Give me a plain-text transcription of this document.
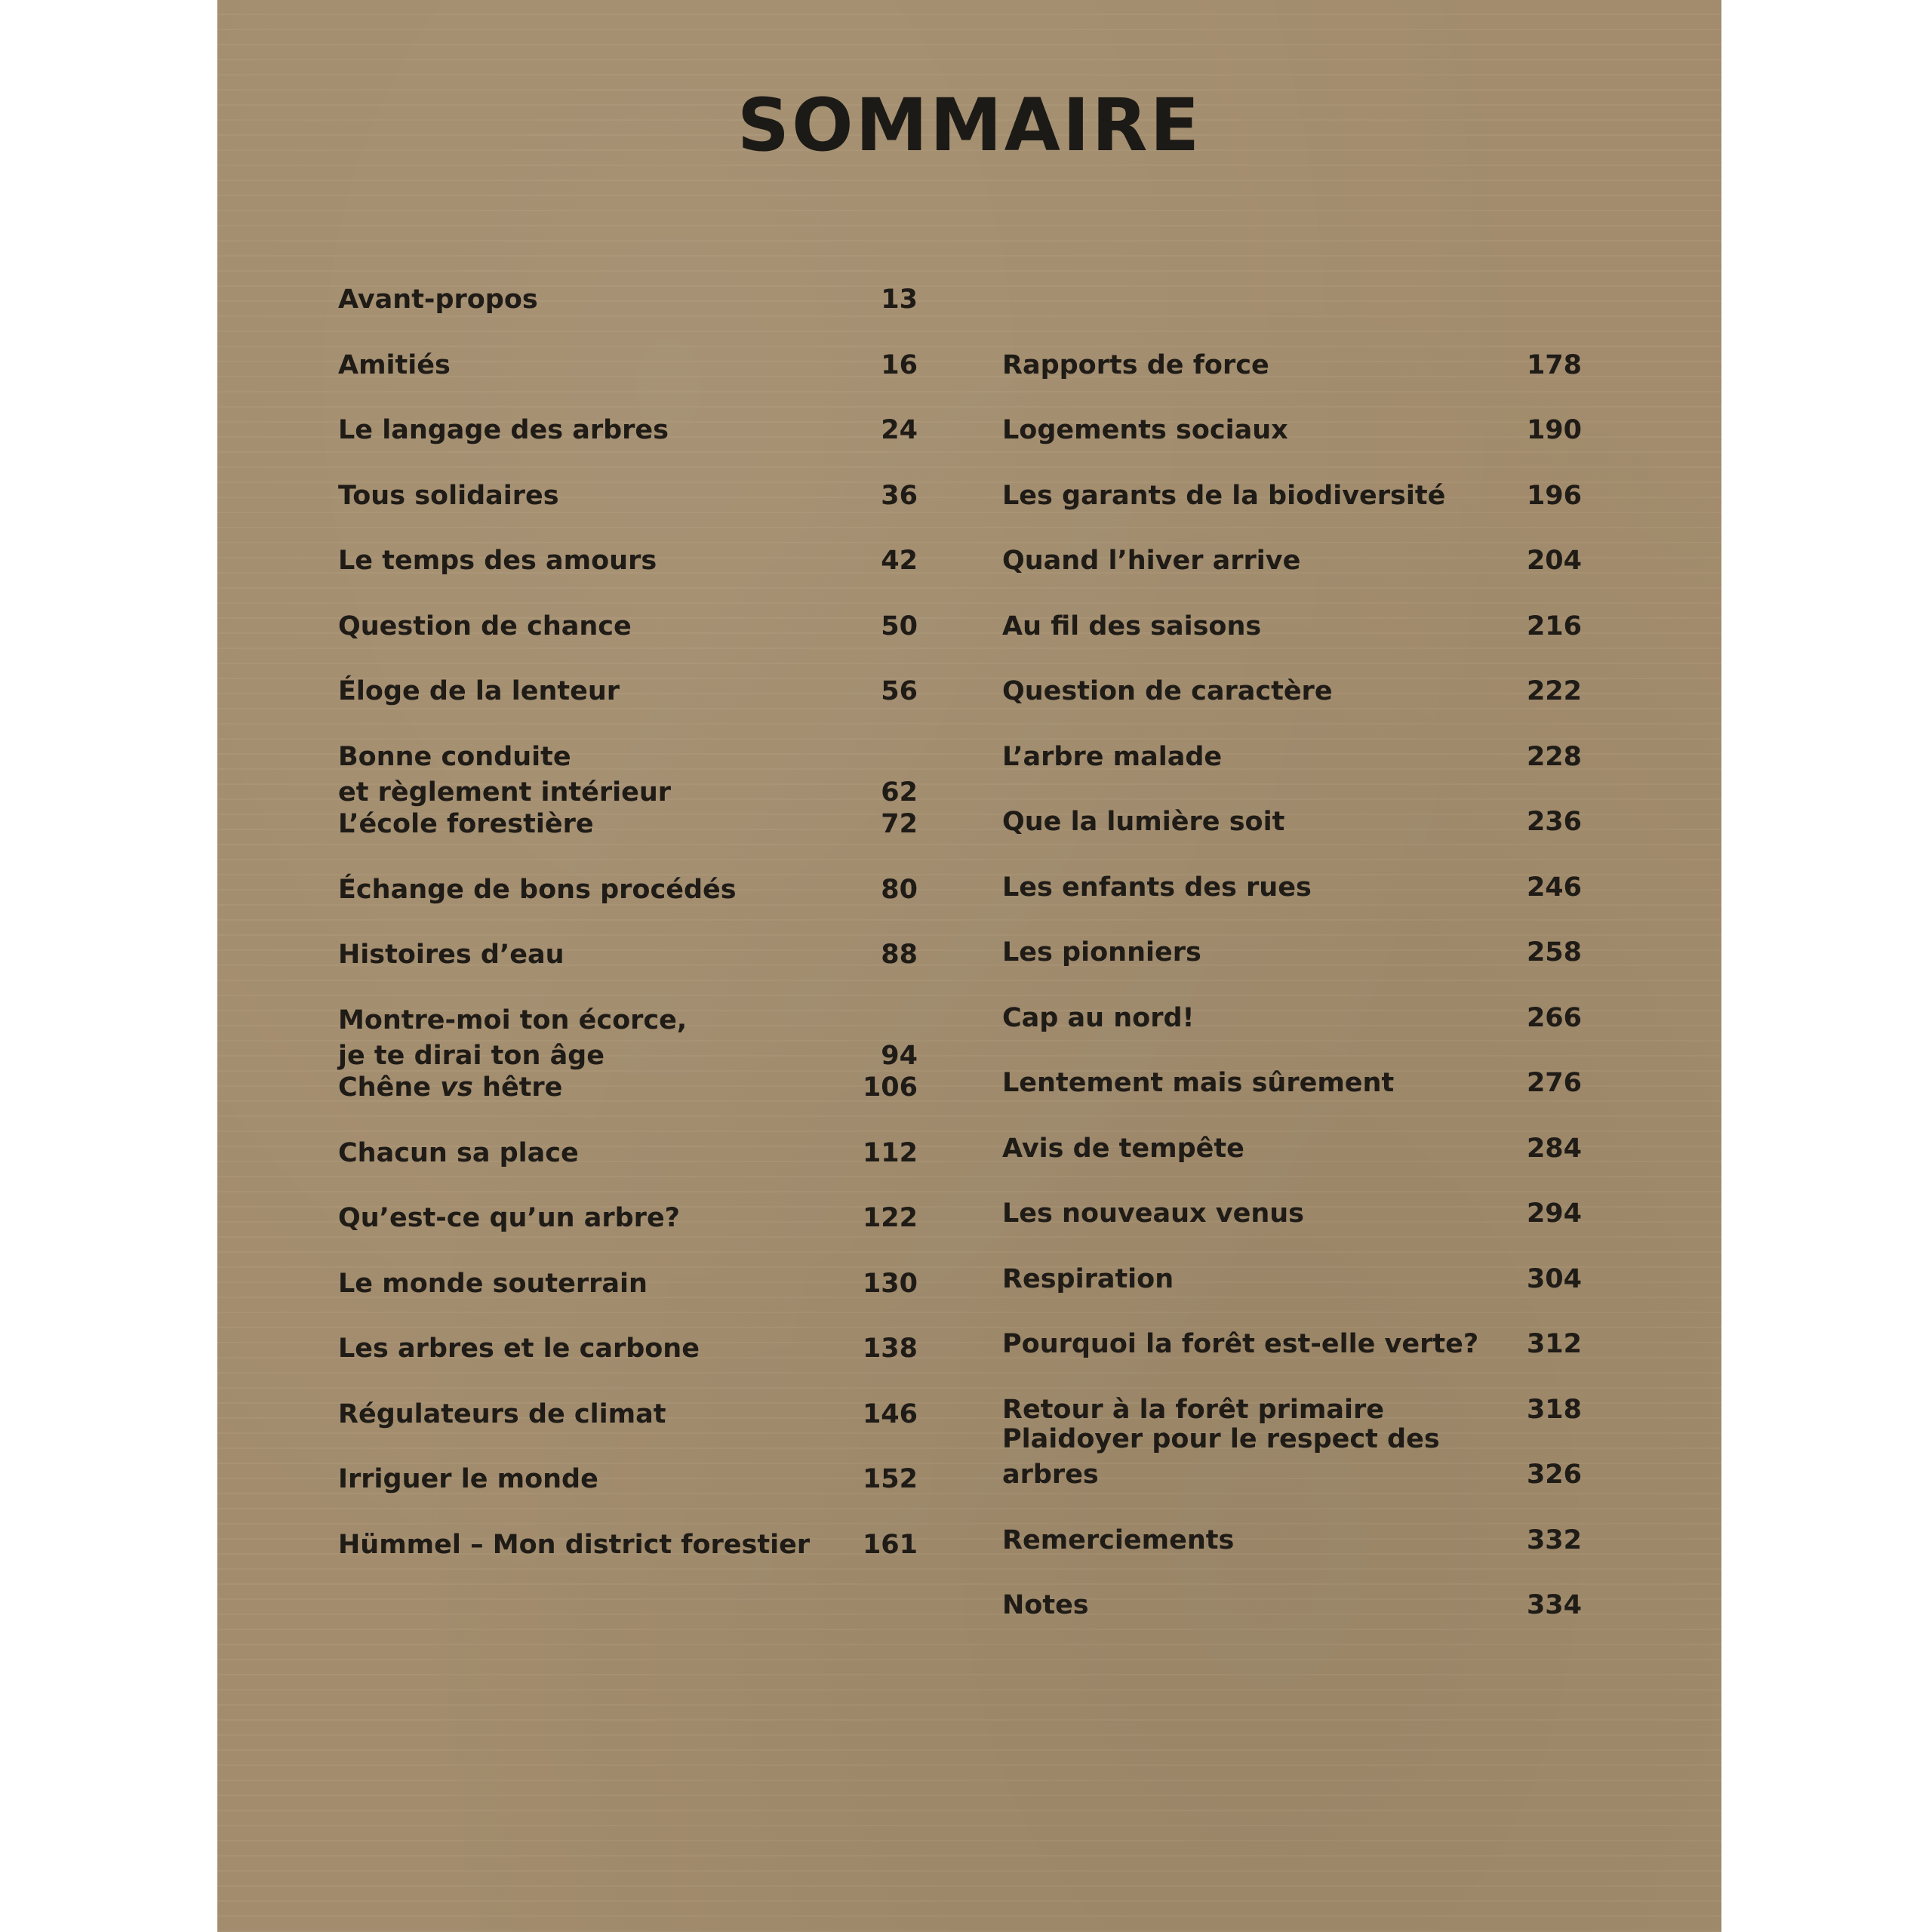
SOMMAIRE
Avant-propos	13
Amitiés	16
Le langage des arbres	24
Tous solidaires	36
Le temps des amours	42
Question de chance	50
Éloge de la lenteur	56
Bonne conduite
et règlement intérieur	62
L’école forestière	72
Échange de bons procédés	80
Histoires d’eau	88
Montre-moi ton écorce,
je te dirai ton âge	94
Chêne vs hêtre	106
Chacun sa place	112
Qu’est-ce qu’un arbre?	122
Le monde souterrain	130
Les arbres et le carbone	138
Régulateurs de climat	146
Irriguer le monde	152
Hümmel – Mon district forestier	161
Rapports de force	178
Logements sociaux	190
Les garants de la biodiversité	196
Quand l’hiver arrive	204
Au fil des saisons	216
Question de caractère	222
L’arbre malade	228
Que la lumière soit	236
Les enfants des rues	246
Les pionniers	258
Cap au nord!	266
Lentement mais sûrement	276
Avis de tempête	284
Les nouveaux venus	294
Respiration	304
Pourquoi la forêt est-elle verte?	312
Retour à la forêt primaire	318
Plaidoyer pour le respect des arbres	326
Remerciements	332
Notes	334
